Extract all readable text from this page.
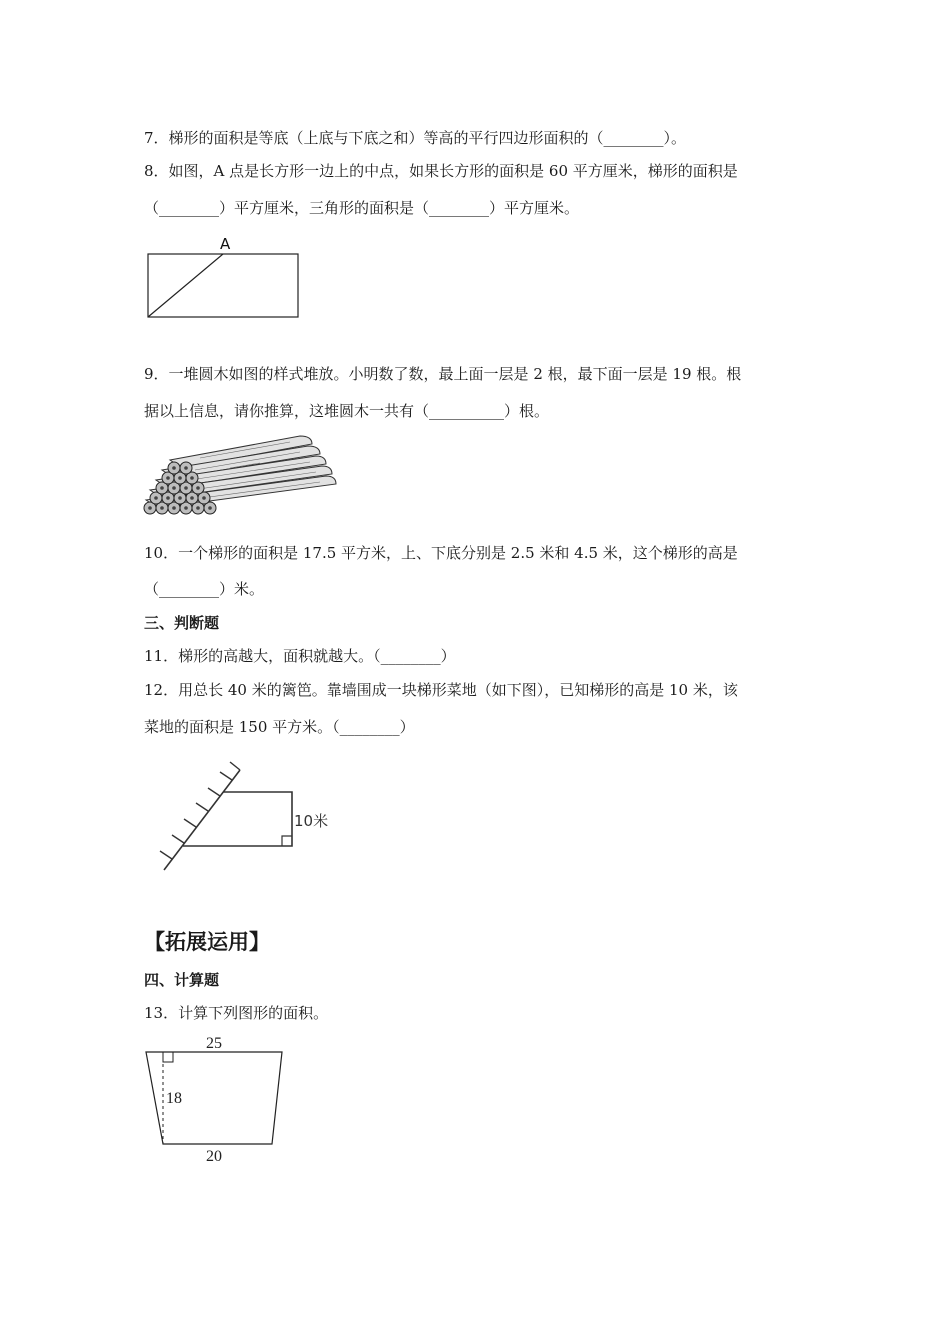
7．梯形的面积是等底（上底与下底之和）等高的平行四边形面积的（________）。
8．如图，A 点是长方形一边上的中点，如果长方形的面积是 60 平方厘米，梯形的面积是
（________）平方厘米，三角形的面积是（________）平方厘米。
A
9．一堆圆木如图的样式堆放。小明数了数，最上面一层是 2 根，最下面一层是 19 根。根
据以上信息，请你推算，这堆圆木一共有（__________）根。
10．一个梯形的面积是 17.5 平方米，上、下底分别是 2.5 米和 4.5 米，这个梯形的高是
（________）米。
三、判断题
11．梯形的高越大，面积就越大。（________）
12．用总长 40 米的篱笆。靠墙围成一块梯形菜地（如下图），已知梯形的高是 10 米，该
菜地的面积是 150 平方米。（________）
10米
【拓展运用】
四、计算题
13．计算下列图形的面积。
25
18
20
